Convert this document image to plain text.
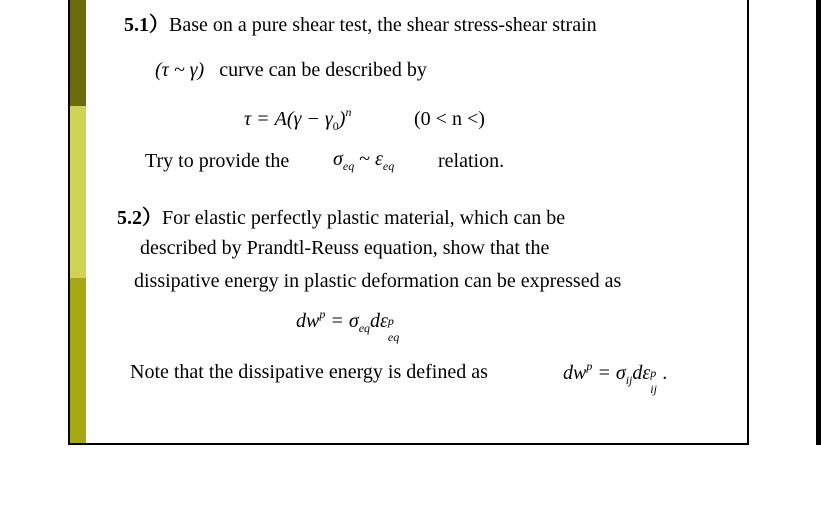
5.1）Base on a pure shear test, the shear stress-shear strain
(τ ~ γ) curve can be described by
$\tau = A(\gamma - \gamma_0)^n$	(0 < n <)
Try to provide the $\sigma_{eq}$ ~ $\varepsilon_{eq}$ relation.
5.2）For elastic perfectly plastic material, which can be
described by Prandtl-Reuss equation, show that the
dissipative energy in plastic deformation can be expressed as
$dw^p = \sigma_{eq}d\varepsilon$ p
Note that the dissipative energy is defined as	$dw^p = \sigma_{ij}d\varepsilon$ p .
